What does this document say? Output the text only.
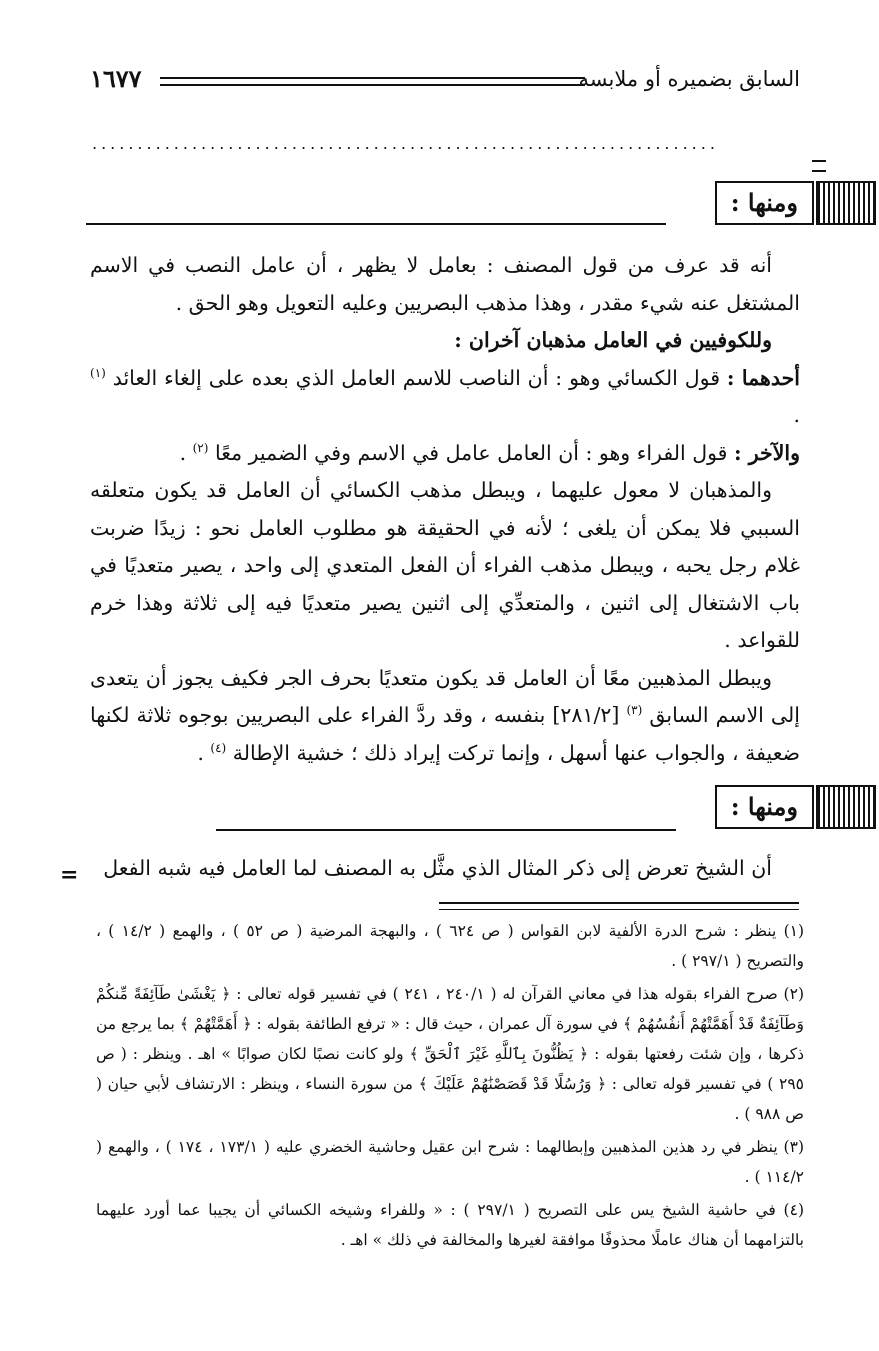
السابق بضميره أو ملابسه
١٦٧٧
.....................................................................
ومنها :

أنه قد عرف من قول المصنف : بعامل لا يظهر ، أن عامل النصب في الاسم المشتغل عنه شيء مقدر ، وهذا مذهب البصريين وعليه التعويل وهو الحق .

وللكوفيين في العامل مذهبان آخران :

أحدهما : قول الكسائي وهو : أن الناصب للاسم العامل الذي بعده على إلغاء العائد $^{(١)}$ .

والآخر : قول الفراء وهو : أن العامل عامل في الاسم وفي الضمير معًا $^{(٢)}$ .

والمذهبان لا معول عليهما ، ويبطل مذهب الكسائي أن العامل قد يكون متعلقه السببي فلا يمكن أن يلغى ؛ لأنه في الحقيقة هو مطلوب العامل نحو : زيدًا ضربت غلام رجل يحبه ، ويبطل مذهب الفراء أن الفعل المتعدي إلى واحد ، يصير متعديًا في باب الاشتغال إلى اثنين ، والمتعدِّي إلى اثنين يصير متعديًا فيه إلى ثلاثة وهذا خرم للقواعد .

ويبطل المذهبين معًا أن العامل قد يكون متعديًا بحرف الجر فكيف يجوز أن يتعدى إلى الاسم السابق $^{(٣)}$ [٢٨١/٢] بنفسه ، وقد ردَّ الفراء على البصريين بوجوه ثلاثة لكنها ضعيفة ، والجواب عنها أسهل ، وإنما تركت إيراد ذلك ؛ خشية الإطالة $^{(٤)}$ .

ومنها :

أن الشيخ تعرض إلى ذكر المثال الذي مثَّل به المصنف لما العامل فيه شبه الفعل

=

(١) ينظر : شرح الدرة الألفية لابن القواس ( ص ٦٢٤ ) ، والبهجة المرضية ( ص ٥٢ ) ، والهمع ( ١٤/٢ ) ، والتصريح ( ٢٩٧/١ ) .

(٢) صرح الفراء بقوله هذا في معاني القرآن له ( ٢٤٠/١ ، ٢٤١ ) في تفسير قوله تعالى : ﴿ يَغْشَىٰ طَآئِفَةً مِّنكُمْ وَطَآئِفَةٌ قَدْ أَهَمَّتْهُمْ أَنفُسُهُمْ ﴾ في سورة آل عمران ، حيث قال : « ترفع الطائفة بقوله : ﴿ أَهَمَّتْهُمْ ﴾ بما يرجع من ذكرها ، وإن شئت رفعتها بقوله : ﴿ يَظُنُّونَ بِٱللَّهِ غَيْرَ ٱلْحَقِّ ﴾ ولو كانت نصبًا لكان صوابًا » اهـ . وينظر : ( ص ٢٩٥ ) في تفسير قوله تعالى : ﴿ وَرُسُلًا قَدْ قَصَصْنَٰهُمْ عَلَيْكَ ﴾ من سورة النساء ، وينظر : الارتشاف لأبي حيان ( ص ٩٨٨ ) .

(٣) ينظر في رد هذين المذهبين وإبطالهما : شرح ابن عقيل وحاشية الخضري عليه ( ١٧٣/١ ، ١٧٤ ) ، والهمع ( ١١٤/٢ ) .

(٤) في حاشية الشيخ يس على التصريح ( ٢٩٧/١ ) : « وللفراء وشيخه الكسائي أن يجيبا عما أورد عليهما بالتزامهما أن هناك عاملًا محذوفًا موافقة لغيرها والمخالفة في ذلك » اهـ .
